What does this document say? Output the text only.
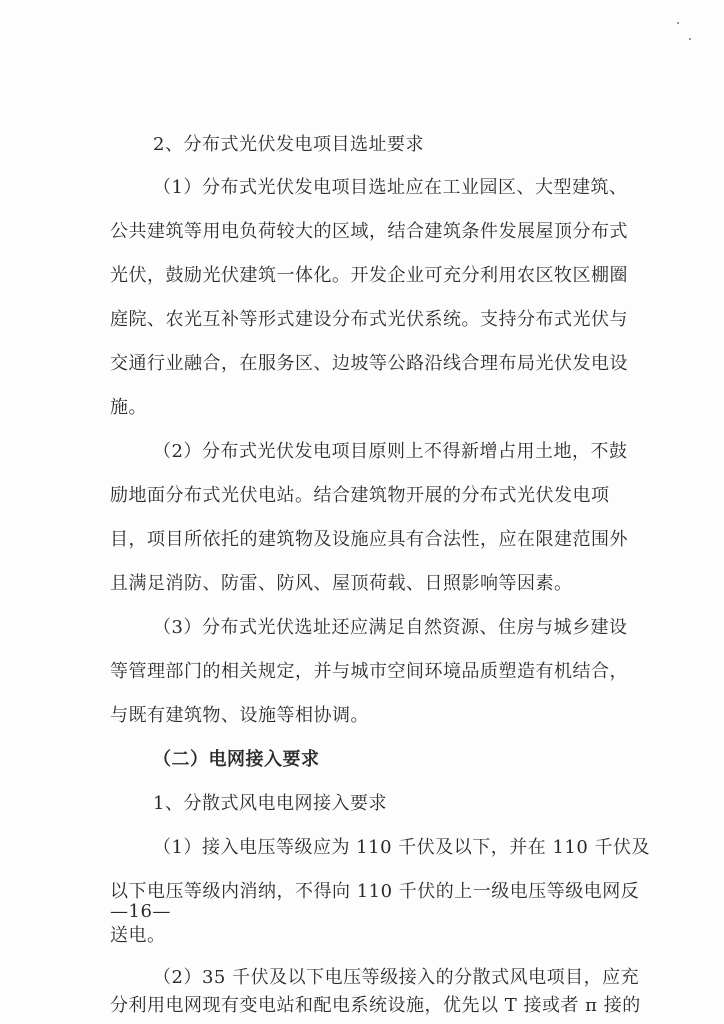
2、分布式光伏发电项目选址要求
（1）分布式光伏发电项目选址应在工业园区、大型建筑、
公共建筑等用电负荷较大的区域，结合建筑条件发展屋顶分布式
光伏，鼓励光伏建筑一体化。开发企业可充分利用农区牧区棚圈
庭院、农光互补等形式建设分布式光伏系统。支持分布式光伏与
交通行业融合，在服务区、边坡等公路沿线合理布局光伏发电设
施。
（2）分布式光伏发电项目原则上不得新增占用土地，不鼓
励地面分布式光伏电站。结合建筑物开展的分布式光伏发电项
目，项目所依托的建筑物及设施应具有合法性，应在限建范围外
且满足消防、防雷、防风、屋顶荷载、日照影响等因素。
（3）分布式光伏选址还应满足自然资源、住房与城乡建设
等管理部门的相关规定，并与城市空间环境品质塑造有机结合，
与既有建筑物、设施等相协调。
（二）电网接入要求
1、分散式风电电网接入要求
（1）接入电压等级应为 110 千伏及以下，并在 110 千伏及
以下电压等级内消纳，不得向 110 千伏的上一级电压等级电网反
送电。
（2）35 千伏及以下电压等级接入的分散式风电项目，应充
分利用电网现有变电站和配电系统设施，优先以 T 接或者 π 接的
—16—
